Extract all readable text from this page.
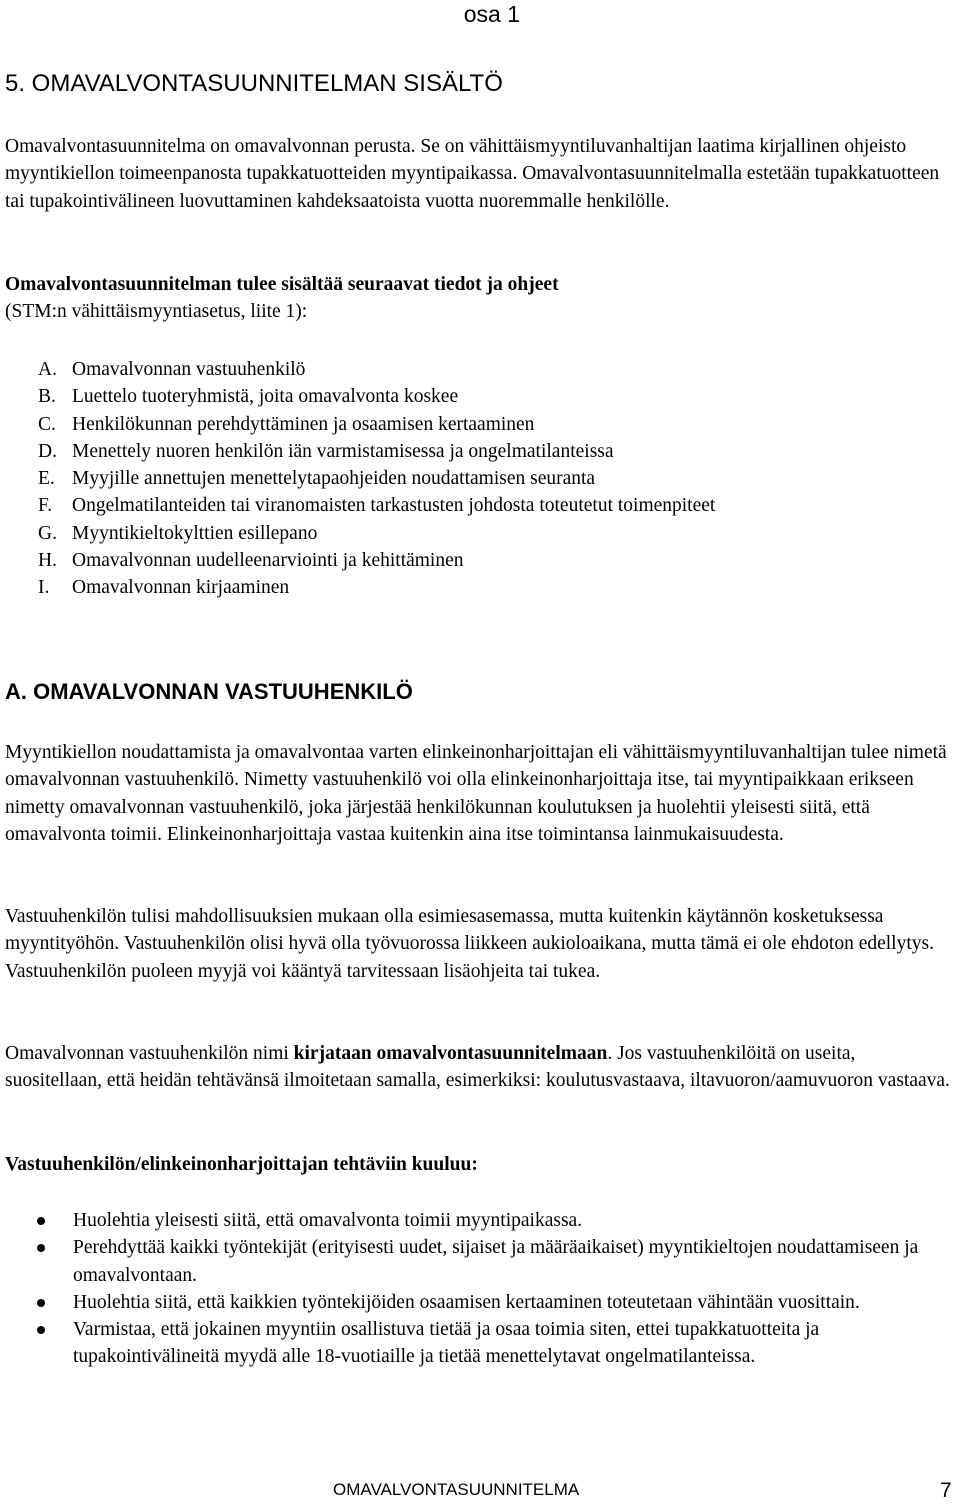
osa 1
5. OMAVALVONTASUUNNITELMAN SISÄLTÖ

Omavalvontasuunnitelma on omavalvonnan perusta. Se on vähittäismyyntiluvanhaltijan laatima kirjallinen ohjeisto myyntikiellon toimeenpanosta tupakkatuotteiden myyntipaikassa. Omavalvontasuunnitelmalla estetään tupakkatuotteen tai tupakointivälineen luovuttaminen kahdeksaatoista vuotta nuoremmalle henkilölle.

Omavalvontasuunnitelman tulee sisältää seuraavat tiedot ja ohjeet
(STM:n vähittäismyyntiasetus, liite 1):

A. Omavalvonnan vastuuhenkilö
B. Luettelo tuoteryhmistä, joita omavalvonta koskee
C. Henkilökunnan perehdyttäminen ja osaamisen kertaaminen
D. Menettely nuoren henkilön iän varmistamisessa ja ongelmatilanteissa
E. Myyjille annettujen menettelytapaohjeiden noudattamisen seuranta
F.	Ongelmatilanteiden tai viranomaisten tarkastusten johdosta toteutetut toimenpiteet
G. Myyntikieltokylttien esillepano
H. Omavalvonnan uudelleenarviointi ja kehittäminen
I.	Omavalvonnan kirjaaminen
A. OMAVALVONNAN VASTUUHENKILÖ

Myyntikiellon noudattamista ja omavalvontaa varten elinkeinonharjoittajan eli vähittäismyyntiluvanhaltijan tulee nimetä omavalvonnan vastuuhenkilö. Nimetty vastuuhenkilö voi olla elinkeinonharjoittaja itse, tai myyntipaikkaan erikseen nimetty omavalvonnan vastuuhenkilö, joka järjestää henkilökunnan koulutuksen ja huolehtii yleisesti siitä, että omavalvonta toimii. Elinkeinonharjoittaja vastaa kuitenkin aina itse toimintansa lainmukaisuudesta.

Vastuuhenkilön tulisi mahdollisuuksien mukaan olla esimiesasemassa, mutta kuitenkin käytännön kosketuksessa myyntityöhön. Vastuuhenkilön olisi hyvä olla työvuorossa liikkeen aukioloaikana, mutta tämä ei ole ehdoton edellytys. Vastuuhenkilön puoleen myyjä voi kääntyä tarvitessaan lisäohjeita tai tukea.

Omavalvonnan vastuuhenkilön nimi kirjataan omavalvontasuunnitelmaan. Jos vastuuhenkilöitä on useita, suositellaan, että heidän tehtävänsä ilmoitetaan samalla, esimerkiksi: koulutusvastaava, iltavuoron/aamuvuoron vastaava.

Vastuuhenkilön/elinkeinonharjoittajan tehtäviin kuuluu:

Huolehtia yleisesti siitä, että omavalvonta toimii myyntipaikassa.
Perehdyttää kaikki työntekijät (erityisesti uudet, sijaiset ja määräaikaiset) myyntikieltojen noudattamiseen ja omavalvontaan.
Huolehtia siitä, että kaikkien työntekijöiden osaamisen kertaaminen toteutetaan vähintään vuosittain.
Varmistaa, että jokainen myyntiin osallistuva tietää ja osaa toimia siten, ettei tupakkatuotteita ja tupakointivälineitä myydä alle 18-vuotiaille ja tietää menettelytavat ongelmatilanteissa.
OMAVALVONTASUUNNITELMA	7
